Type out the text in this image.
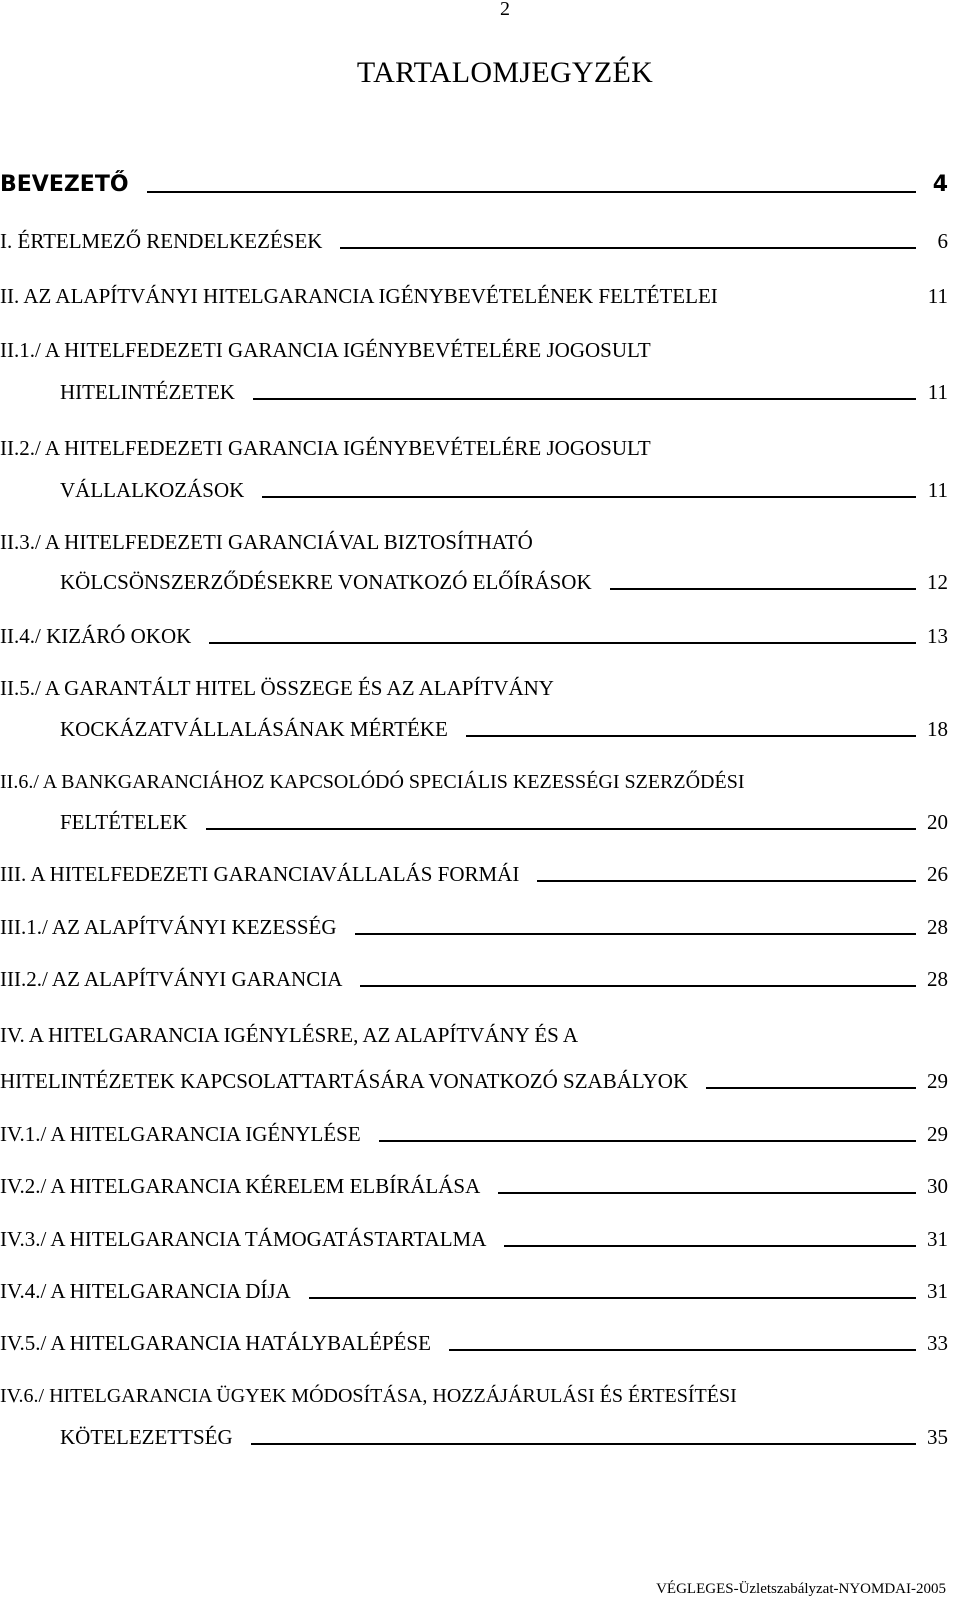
2
TARTALOMJEGYZÉK
BEVEZETŐ	4
I. ÉRTELMEZŐ RENDELKEZÉSEK	6
II. AZ ALAPÍTVÁNYI HITELGARANCIA IGÉNYBEVÉTELÉNEK FELTÉTELEI	11
II.1./ A HITELFEDEZETI GARANCIA IGÉNYBEVÉTELÉRE JOGOSULT
HITELINTÉZETEK	11
II.2./ A HITELFEDEZETI GARANCIA IGÉNYBEVÉTELÉRE JOGOSULT
VÁLLALKOZÁSOK	11
II.3./ A HITELFEDEZETI GARANCIÁVAL BIZTOSÍTHATÓ
KÖLCSÖNSZERZŐDÉSEKRE VONATKOZÓ ELŐÍRÁSOK	12
II.4./ KIZÁRÓ OKOK	13
II.5./ A GARANTÁLT HITEL ÖSSZEGE ÉS AZ ALAPÍTVÁNY
KOCKÁZATVÁLLALÁSÁNAK MÉRTÉKE	18
II.6./ A BANKGARANCIÁHOZ KAPCSOLÓDÓ SPECIÁLIS KEZESSÉGI SZERZŐDÉSI
FELTÉTELEK	20
III. A HITELFEDEZETI GARANCIAVÁLLALÁS FORMÁI	26
III.1./ AZ ALAPÍTVÁNYI KEZESSÉG	28
III.2./ AZ ALAPÍTVÁNYI GARANCIA	28
IV. A HITELGARANCIA IGÉNYLÉSRE, AZ ALAPÍTVÁNY ÉS A
HITELINTÉZETEK KAPCSOLATTARTÁSÁRA VONATKOZÓ SZABÁLYOK	29
IV.1./ A HITELGARANCIA IGÉNYLÉSE	29
IV.2./ A HITELGARANCIA KÉRELEM ELBÍRÁLÁSA	30
IV.3./ A HITELGARANCIA TÁMOGATÁSTARTALMA	31
IV.4./ A HITELGARANCIA DÍJA	31
IV.5./ A HITELGARANCIA HATÁLYBALÉPÉSE	33
IV.6./ HITELGARANCIA ÜGYEK MÓDOSÍTÁSA, HOZZÁJÁRULÁSI ÉS ÉRTESÍTÉSI
KÖTELEZETTSÉG	35
VÉGLEGES-Üzletszabályzat-NYOMDAI-2005
